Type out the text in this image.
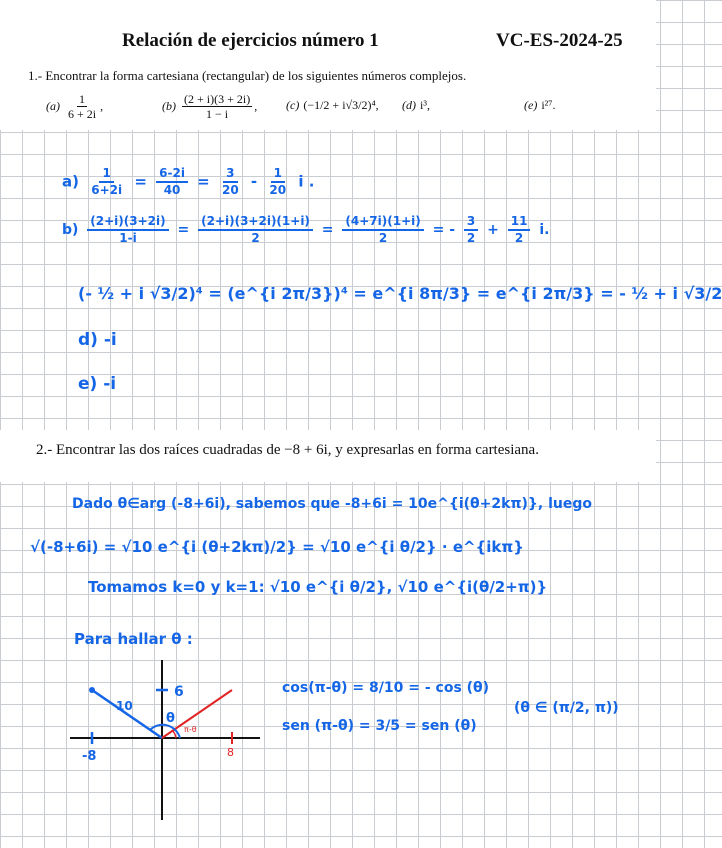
Relación de ejercicios número 1	VC-ES-2024-25
1.- Encontrar la forma cartesiana (rectangular) de los siguientes números complejos.
$(a) \frac{1}{6 + 2i}$ ,	$(b) \frac{(2 + i)(3 + 2i)}{1 - i}$ , (c) (−1/2 + i√3/2)⁴ , (d) i³ ,	(e) i²⁷ .
$a) \frac{1}{6+2i} = \frac{6-2i}{40} = \frac{3}{20} - \frac{1}{20}$ i .
$b) \frac{(2+i)(3+2i)}{1-i} = \frac{(2+i)(3+2i)(1+i)}{2} = \frac{(4+7i)(1+i)}{2}$ = - $\frac{3}{2} + \frac{11}{2} i$.
(- ½ + i √3/2)⁴ = (e^{i 2π/3})⁴ = e^{i 8π/3} = e^{i 2π/3} = - ½ + i √3/2
d) -i
e) -i
2.- Encontrar las dos raíces cuadradas de −8 + 6i, y expresarlas en forma cartesiana.
Dado θ∈arg (-8+6i), sabemos que -8+6i = 10e^{i(θ+2kπ)}, luego
√(-8+6i) = √10 e^{i (θ+2kπ)/2} = √10 e^{i θ/2} · e^{ikπ}
Tomamos k=0 y k=1: √10 e^{i θ/2}, √10 e^{i(θ/2+π)}
Para hallar θ :
6
10
θ
π-θ
-8	8
cos(π-θ) = 8/10 = - cos (θ)
sen (π-θ) = 3/5 = sen (θ)
(θ ∈ (π/2, π))
